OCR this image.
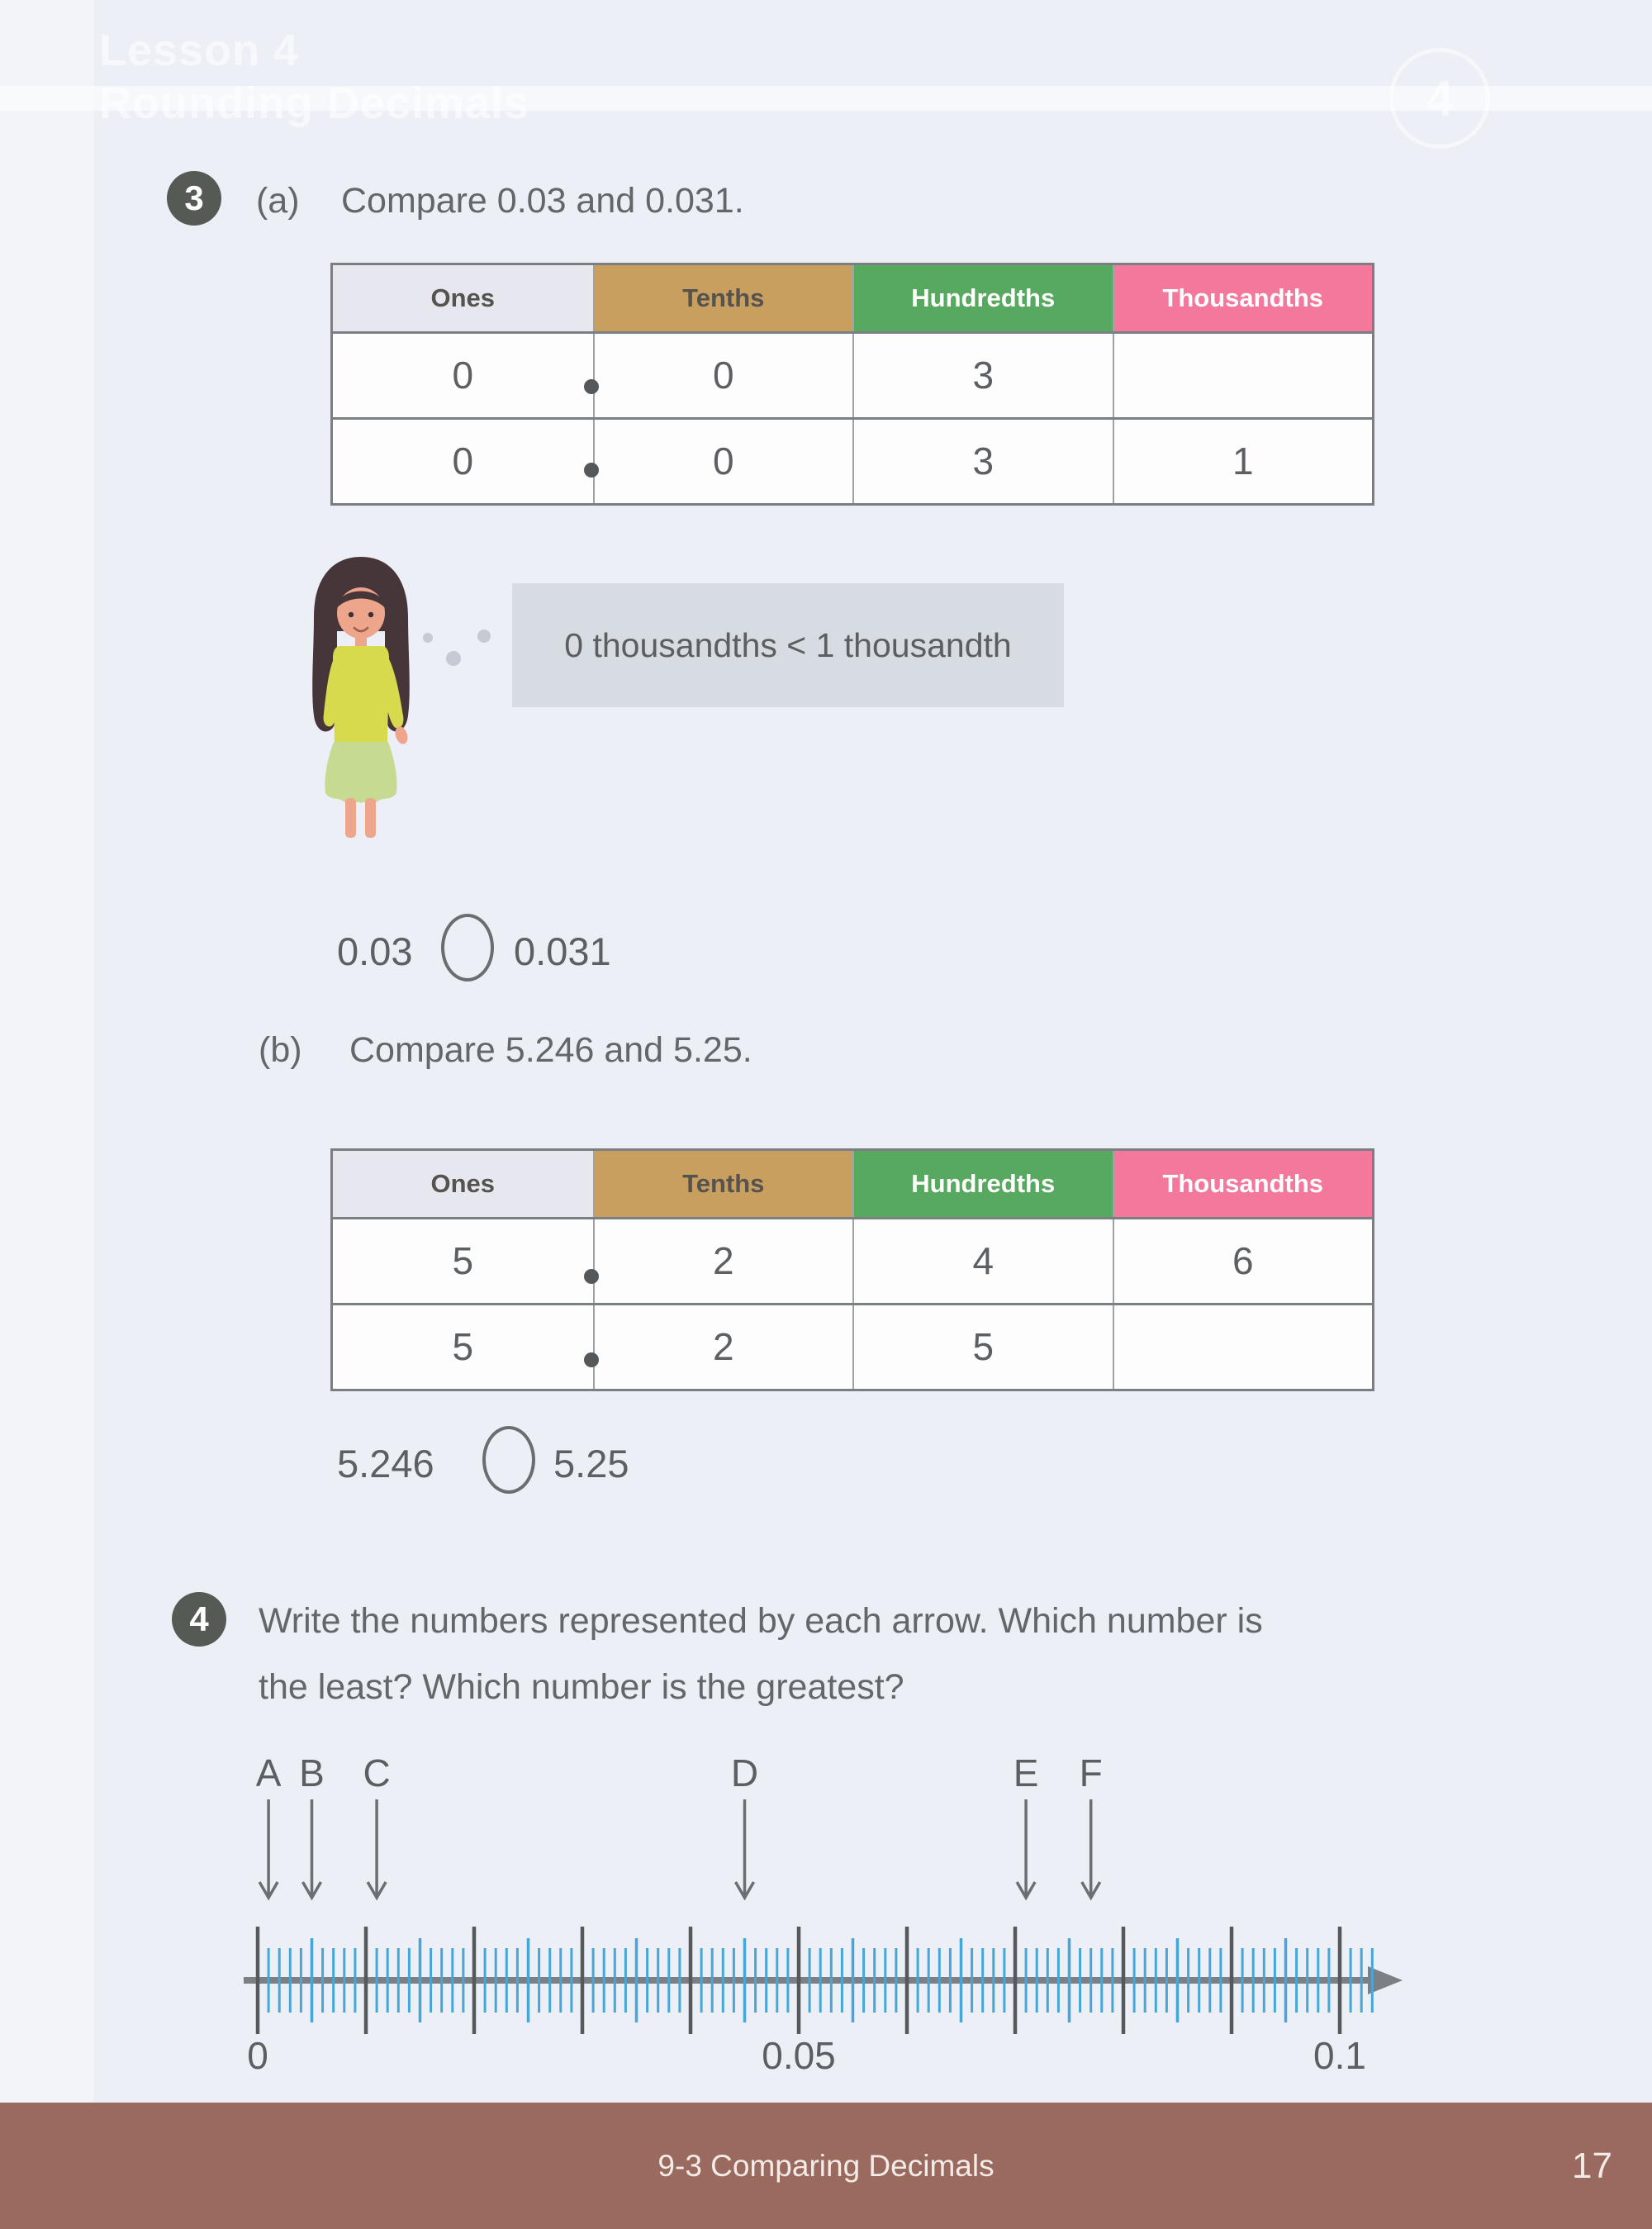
Lesson 4
Rounding Decimals	4
3	(a) Compare 0.03 and 0.031.
Ones	Tenths	Hundredths	Thousandths
0	0	3
0	0	3	1
0 thousandths < 1 thousandth
0.03	0.031
(b) Compare 5.246 and 5.25.
Ones	Tenths	Hundredths	Thousandths
5	2	4	6
5	2	5
5.246	5.25
4	Write the numbers represented by each arrow. Which number is
the least? Which number is the greatest?
0	0.05	0.1
A B C	D	E F
9-3 Comparing Decimals	17
